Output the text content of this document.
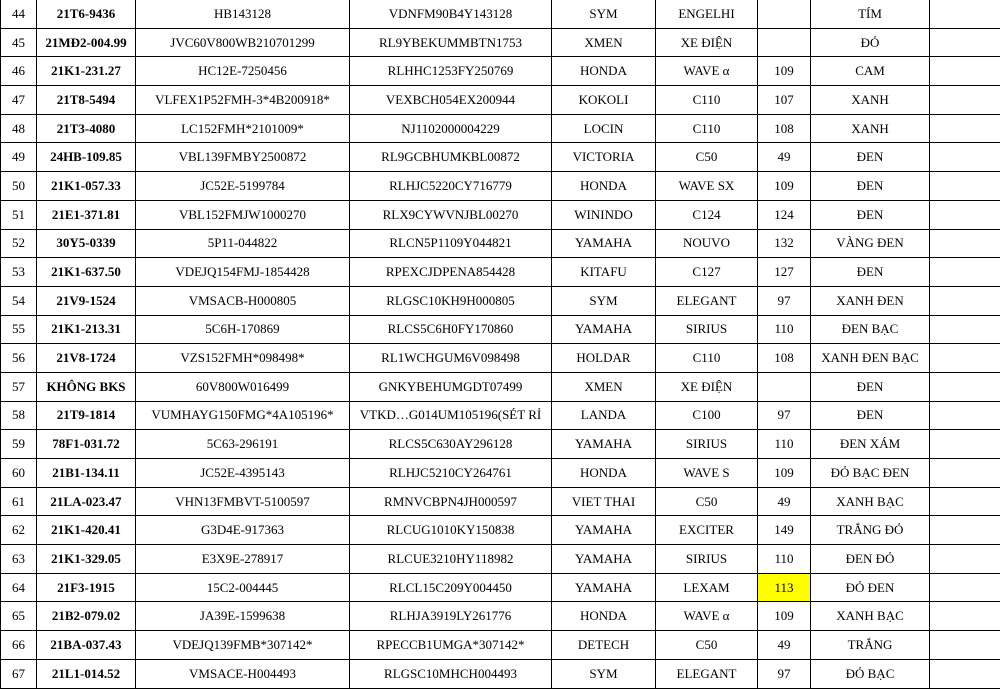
44	21T6-9436	HB143128	VDNFM90B4Y143128	SYM	ENGELHI		TÍM	
45	21MĐ2-004.99	JVC60V800WB210701299	RL9YBEKUMMBTN1753	XMEN	XE ĐIỆN		ĐỎ	
46	21K1-231.27	HC12E-7250456	RLHHC1253FY250769	HONDA	WAVE α	109	CAM	
47	21T8-5494	VLFEX1P52FMH-3*4B200918*	VEXBCH054EX200944	KOKOLI	C110	107	XANH	
48	21T3-4080	LC152FMH*2101009*	NJ1102000004229	LOCIN	C110	108	XANH	
49	24HB-109.85	VBL139FMBY2500872	RL9GCBHUMKBL00872	VICTORIA	C50	49	ĐEN	
50	21K1-057.33	JC52E-5199784	RLHJC5220CY716779	HONDA	WAVE SX	109	ĐEN	
51	21E1-371.81	VBL152FMJW1000270	RLX9CYWVNJBL00270	WININDO	C124	124	ĐEN	
52	30Y5-0339	5P11-044822	RLCN5P1109Y044821	YAMAHA	NOUVO	132	VÀNG ĐEN	
53	21K1-637.50	VDEJQ154FMJ-1854428	RPEXCJDPENA854428	KITAFU	C127	127	ĐEN	
54	21V9-1524	VMSACB-H000805	RLGSC10KH9H000805	SYM	ELEGANT	97	XANH ĐEN	
55	21K1-213.31	5C6H-170869	RLCS5C6H0FY170860	YAMAHA	SIRIUS	110	ĐEN BẠC	
56	21V8-1724	VZS152FMH*098498*	RL1WCHGUM6V098498	HOLDAR	C110	108	XANH ĐEN BẠC	
57	KHÔNG BKS	60V800W016499	GNKYBEHUMGDT07499	XMEN	XE ĐIỆN		ĐEN	
58	21T9-1814	VUMHAYG150FMG*4A105196*	VTKD…G014UM105196(SÉT RỈ	LANDA	C100	97	ĐEN	
59	78F1-031.72	5C63-296191	RLCS5C630AY296128	YAMAHA	SIRIUS	110	ĐEN XÁM	
60	21B1-134.11	JC52E-4395143	RLHJC5210CY264761	HONDA	WAVE S	109	ĐỎ BẠC ĐEN	
61	21LA-023.47	VHN13FMBVT-5100597	RMNVCBPN4JH000597	VIET THAI	C50	49	XANH BẠC	
62	21K1-420.41	G3D4E-917363	RLCUG1010KY150838	YAMAHA	EXCITER	149	TRẮNG ĐỎ	
63	21K1-329.05	E3X9E-278917	RLCUE3210HY118982	YAMAHA	SIRIUS	110	ĐEN ĐỎ	
64	21F3-1915	15C2-004445	RLCL15C209Y004450	YAMAHA	LEXAM	113	ĐỎ ĐEN	
65	21B2-079.02	JA39E-1599638	RLHJA3919LY261776	HONDA	WAVE α	109	XANH BẠC	
66	21BA-037.43	VDEJQ139FMB*307142*	RPECCB1UMGA*307142*	DETECH	C50	49	TRẮNG	
67	21L1-014.52	VMSACE-H004493	RLGSC10MHCH004493	SYM	ELEGANT	97	ĐỎ BẠC	
